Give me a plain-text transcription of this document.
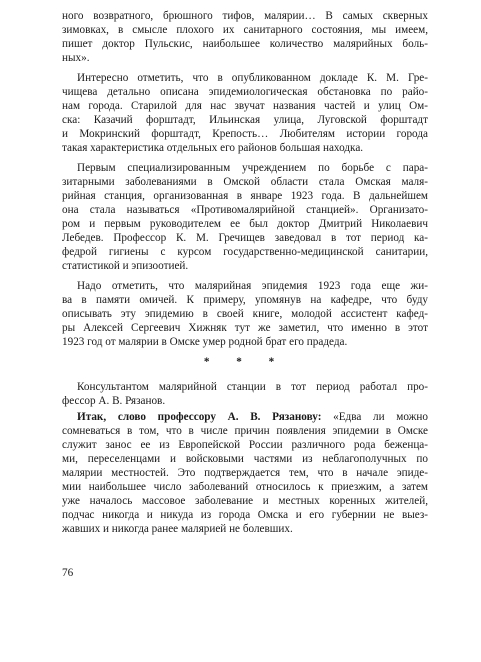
ного возвратного, брюшного тифов, малярии… В самых скверных
зимовках, в смысле плохого их санитарного состояния, мы имеем,
пишет доктор Пульскис, наибольшее количество малярийных боль-
ных».
Интересно отметить, что в опубликованном докладе К. М. Гре-
чищева детально описана эпидемиологическая обстановка по райо-
нам города. Старилой для нас звучат названия частей и улиц Ом-
ска: Казачий форштадт, Ильинская улица, Луговской форштадт
и Мокринский форштадт, Крепость… Любителям истории города
такая характеристика отдельных его районов большая находка.
Первым специализированным учреждением по борьбе с пара-
зитарными заболеваниями в Омской области стала Омская маля-
рийная станция, организованная в январе 1923 года. В дальнейшем
она стала называться «Противомалярийной станцией». Организато-
ром и первым руководителем ее был доктор Дмитрий Николаевич
Лебедев. Профессор К. М. Гречищев заведовал в тот период ка-
федрой гигиены с курсом государственно-медицинской санитарии,
статистикой и эпизоотией.
Надо отметить, что малярийная эпидемия 1923 года еще жи-
ва в памяти омичей. К примеру, упомянув на кафедре, что буду
описывать эту эпидемию в своей книге, молодой ассистент кафед-
ры Алексей Сергеевич Хижняк тут же заметил, что именно в этот
1923 год от малярии в Омске умер родной брат его прадеда.
* * *
Консультантом малярийной станции в тот период работал про-
фессор А. В. Рязанов.
Итак, слово профессору А. В. Рязанову: «Едва ли можно
сомневаться в том, что в числе причин появления эпидемии в Омске
служит занос ее из Европейской России различного рода беженца-
ми, переселенцами и войсковыми частями из неблагополучных по
малярии местностей. Это подтверждается тем, что в начале эпиде-
мии наибольшее число заболеваний относилось к приезжим, а затем
уже началось массовое заболевание и местных коренных жителей,
подчас никогда и никуда из города Омска и его губернии не выез-
жавших и никогда ранее малярией не болевших.
76
